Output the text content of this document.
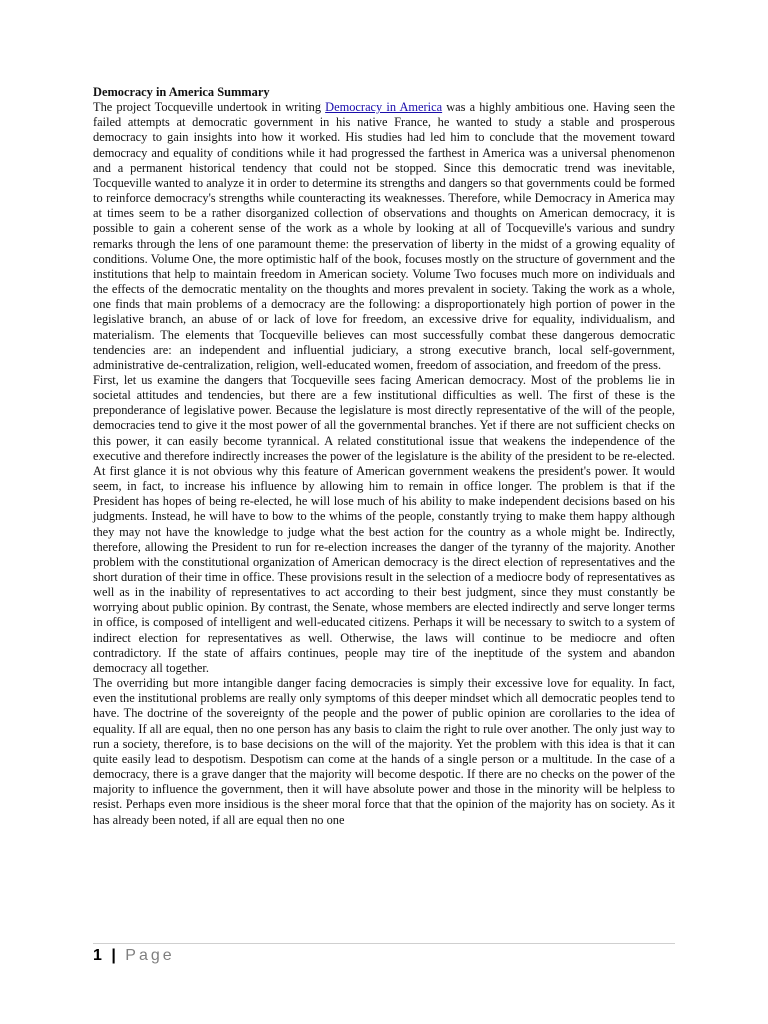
Democracy in America Summary

The project Tocqueville undertook in writing Democracy in America was a highly ambitious one. Having seen the failed attempts at democratic government in his native France, he wanted to study a stable and prosperous democracy to gain insights into how it worked. His studies had led him to conclude that the movement toward democracy and equality of conditions while it had progressed the farthest in America was a universal phenomenon and a permanent historical tendency that could not be stopped. Since this democratic trend was inevitable, Tocqueville wanted to analyze it in order to determine its strengths and dangers so that governments could be formed to reinforce democracy's strengths while counteracting its weaknesses. Therefore, while Democracy in America may at times seem to be a rather disorganized collection of observations and thoughts on American democracy, it is possible to gain a coherent sense of the work as a whole by looking at all of Tocqueville's various and sundry remarks through the lens of one paramount theme: the preservation of liberty in the midst of a growing equality of conditions. Volume One, the more optimistic half of the book, focuses mostly on the structure of government and the institutions that help to maintain freedom in American society. Volume Two focuses much more on individuals and the effects of the democratic mentality on the thoughts and mores prevalent in society. Taking the work as a whole, one finds that main problems of a democracy are the following: a disproportionately high portion of power in the legislative branch, an abuse of or lack of love for freedom, an excessive drive for equality, individualism, and materialism. The elements that Tocqueville believes can most successfully combat these dangerous democratic tendencies are: an independent and influential judiciary, a strong executive branch, local self-government, administrative de-centralization, religion, well-educated women, freedom of association, and freedom of the press.

First, let us examine the dangers that Tocqueville sees facing American democracy. Most of the problems lie in societal attitudes and tendencies, but there are a few institutional difficulties as well. The first of these is the preponderance of legislative power. Because the legislature is most directly representative of the will of the people, democracies tend to give it the most power of all the governmental branches. Yet if there are not sufficient checks on this power, it can easily become tyrannical. A related constitutional issue that weakens the independence of the executive and therefore indirectly increases the power of the legislature is the ability of the president to be re-elected. At first glance it is not obvious why this feature of American government weakens the president's power. It would seem, in fact, to increase his influence by allowing him to remain in office longer. The problem is that if the President has hopes of being re-elected, he will lose much of his ability to make independent decisions based on his judgments. Instead, he will have to bow to the whims of the people, constantly trying to make them happy although they may not have the knowledge to judge what the best action for the country as a whole might be. Indirectly, therefore, allowing the President to run for re-election increases the danger of the tyranny of the majority. Another problem with the constitutional organization of American democracy is the direct election of representatives and the short duration of their time in office. These provisions result in the selection of a mediocre body of representatives as well as in the inability of representatives to act according to their best judgment, since they must constantly be worrying about public opinion. By contrast, the Senate, whose members are elected indirectly and serve longer terms in office, is composed of intelligent and well-educated citizens. Perhaps it will be necessary to switch to a system of indirect election for representatives as well. Otherwise, the laws will continue to be mediocre and often contradictory. If the state of affairs continues, people may tire of the ineptitude of the system and abandon democracy all together.

The overriding but more intangible danger facing democracies is simply their excessive love for equality. In fact, even the institutional problems are really only symptoms of this deeper mindset which all democratic peoples tend to have. The doctrine of the sovereignty of the people and the power of public opinion are corollaries to the idea of equality. If all are equal, then no one person has any basis to claim the right to rule over another. The only just way to run a society, therefore, is to base decisions on the will of the majority. Yet the problem with this idea is that it can quite easily lead to despotism. Despotism can come at the hands of a single person or a multitude. In the case of a democracy, there is a grave danger that the majority will become despotic. If there are no checks on the power of the majority to influence the government, then it will have absolute power and those in the minority will be helpless to resist. Perhaps even more insidious is the sheer moral force that that the opinion of the majority has on society. As it has already been noted, if all are equal then no one

1 | Page
